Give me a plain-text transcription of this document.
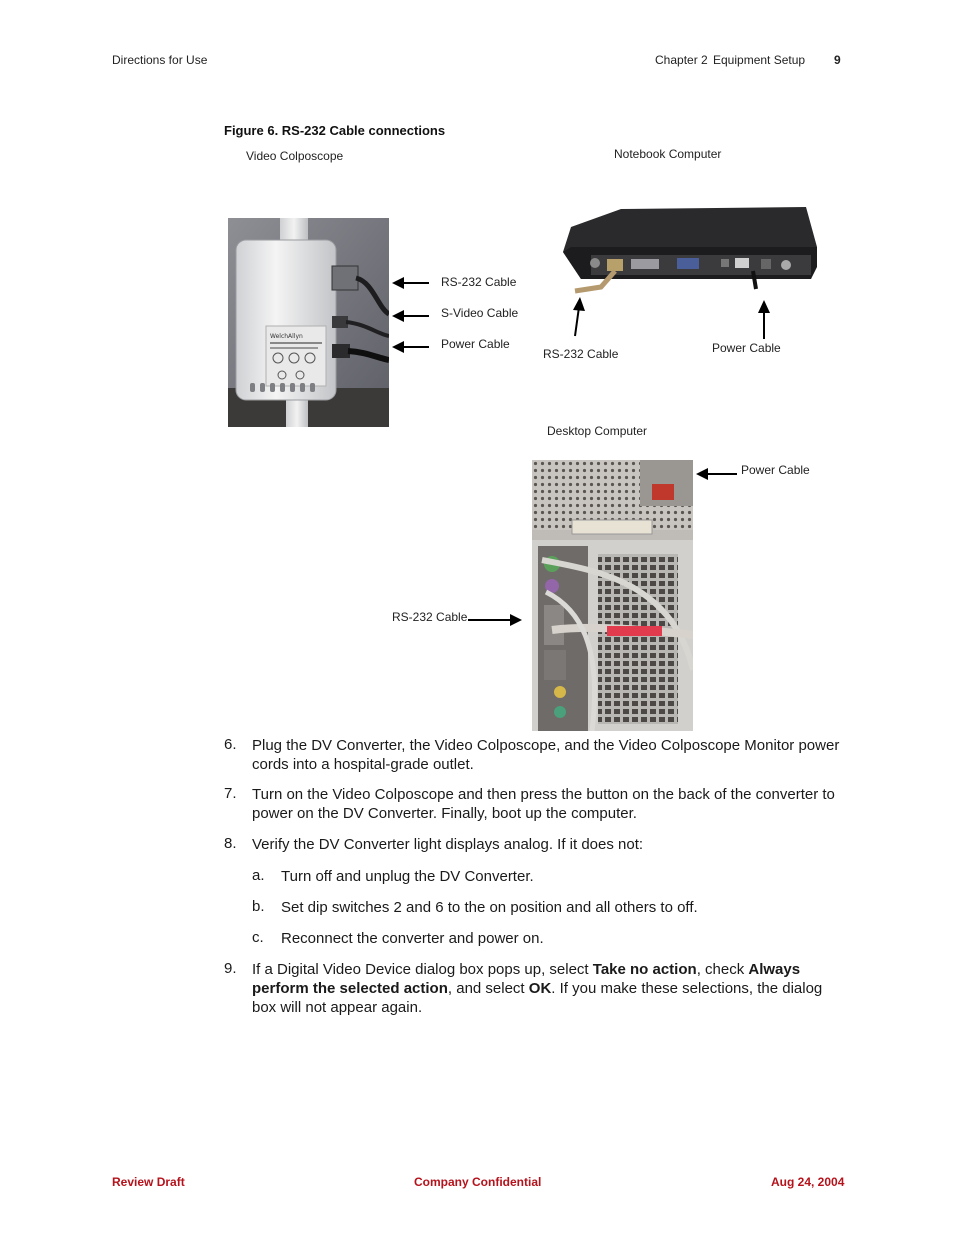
Directions for Use	Chapter 2 Equipment Setup 9
Figure 6. RS-232 Cable connections
Video Colposcope	Notebook Computer
Desktop Computer
WelchAllyn
RS-232 Cable
S-Video Cable
Power Cable
RS-232 Cable	Power Cable
Power Cable
RS-232 Cable
6. Plug the DV Converter, the Video Colposcope, and the Video Colposcope Monitor power cords into a hospital-grade outlet.
7. Turn on the Video Colposcope and then press the button on the back of the converter to power on the DV Converter. Finally, boot up the computer.
8. Verify the DV Converter light displays analog. If it does not:
a. Turn off and unplug the DV Converter.
b. Set dip switches 2 and 6 to the on position and all others to off.
c. Reconnect the converter and power on.
9. If a Digital Video Device dialog box pops up, select Take no action, check Always perform the selected action, and select OK. If you make these selections, the dialog box will not appear again.
Review Draft	Company Confidential	Aug 24, 2004
